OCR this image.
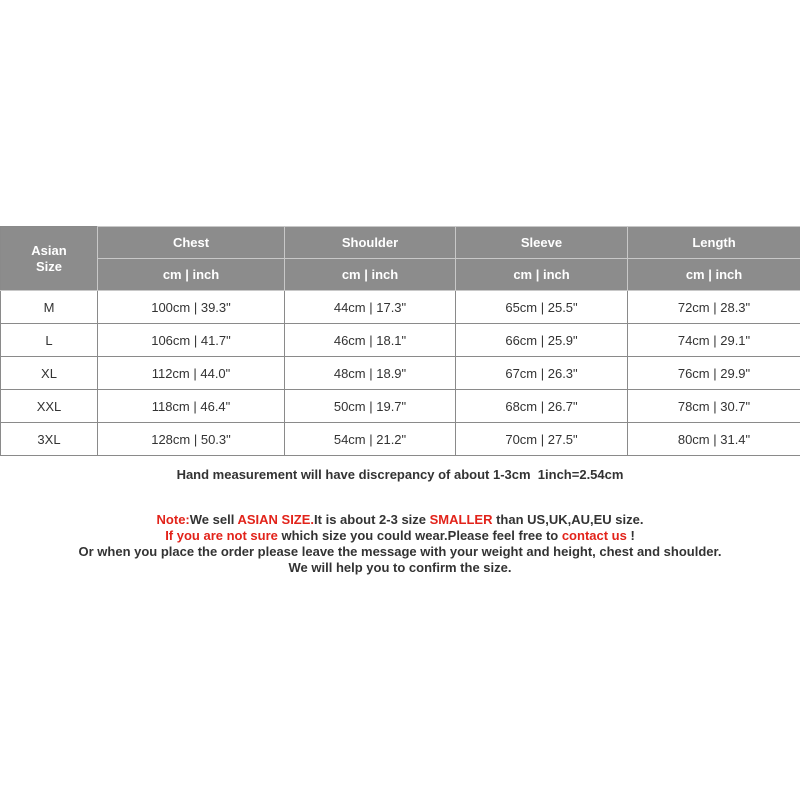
Asian Size	Chest	Shoulder	Sleeve	Length
	cm | inch	cm | inch	cm | inch	cm | inch
M	100cm | 39.3"	44cm | 17.3"	65cm | 25.5"	72cm | 28.3"
L	106cm | 41.7"	46cm | 18.1"	66cm | 25.9"	74cm | 29.1"
XL	112cm | 44.0"	48cm | 18.9"	67cm | 26.3"	76cm | 29.9"
XXL	118cm | 46.4"	50cm | 19.7"	68cm | 26.7"	78cm | 30.7"
3XL	128cm | 50.3"	54cm | 21.2"	70cm | 27.5"	80cm | 31.4"
Hand measurement will have discrepancy of about 1-3cm  1inch=2.54cm
Note:We sell ASIAN SIZE.It is about 2-3 size SMALLER than US,UK,AU,EU size.
If you are not sure which size you could wear.Please feel free to contact us !
Or when you place the order please leave the message with your weight and height, chest and shoulder.
We will help you to confirm the size.
